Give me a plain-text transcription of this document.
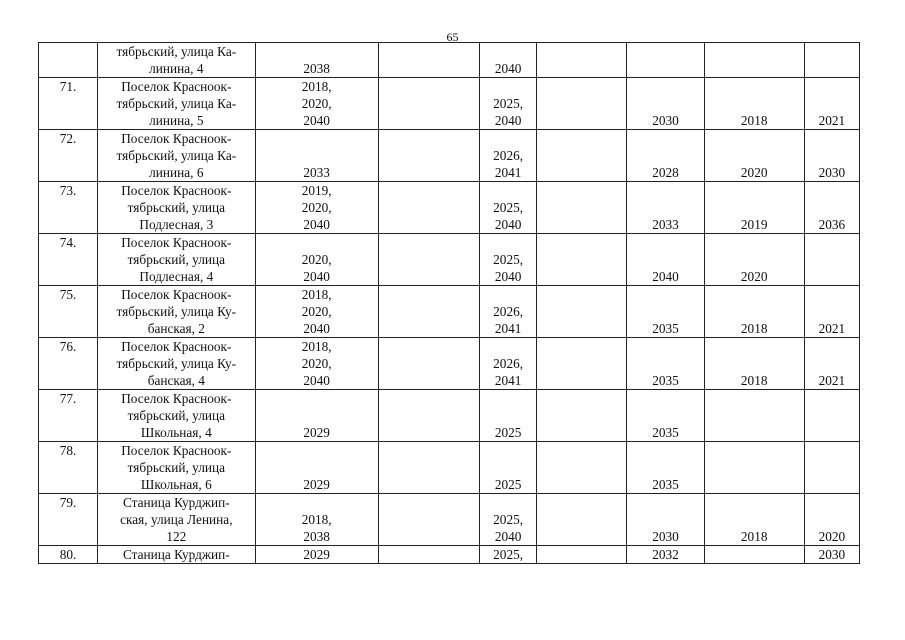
65
	тябрьский, улица Ка-
линина, 4	2038		2040				
71.	Поселок Красноок-
тябрьский, улица Ка-
линина, 5	2018,
2020,
2040		2025,
2040		2030	2018	2021
72.	Поселок Красноок-
тябрьский, улица Ка-
линина, 6	2033		2026,
2041		2028	2020	2030
73.	Поселок Красноок-
тябрьский, улица
Подлесная, 3	2019,
2020,
2040		2025,
2040		2033	2019	2036
74.	Поселок Красноок-
тябрьский, улица
Подлесная, 4	2020,
2040		2025,
2040		2040	2020	
75.	Поселок Красноок-
тябрьский, улица Ку-
банская, 2	2018,
2020,
2040		2026,
2041		2035	2018	2021
76.	Поселок Красноок-
тябрьский, улица Ку-
банская, 4	2018,
2020,
2040		2026,
2041		2035	2018	2021
77.	Поселок Красноок-
тябрьский, улица
Школьная, 4	2029		2025		2035		
78.	Поселок Красноок-
тябрьский, улица
Школьная, 6	2029		2025		2035		
79.	Станица Курджип-
ская, улица Ленина,
122	2018,
2038		2025,
2040		2030	2018	2020
80.	Станица Курджип-	2029		2025,		2032		2030
